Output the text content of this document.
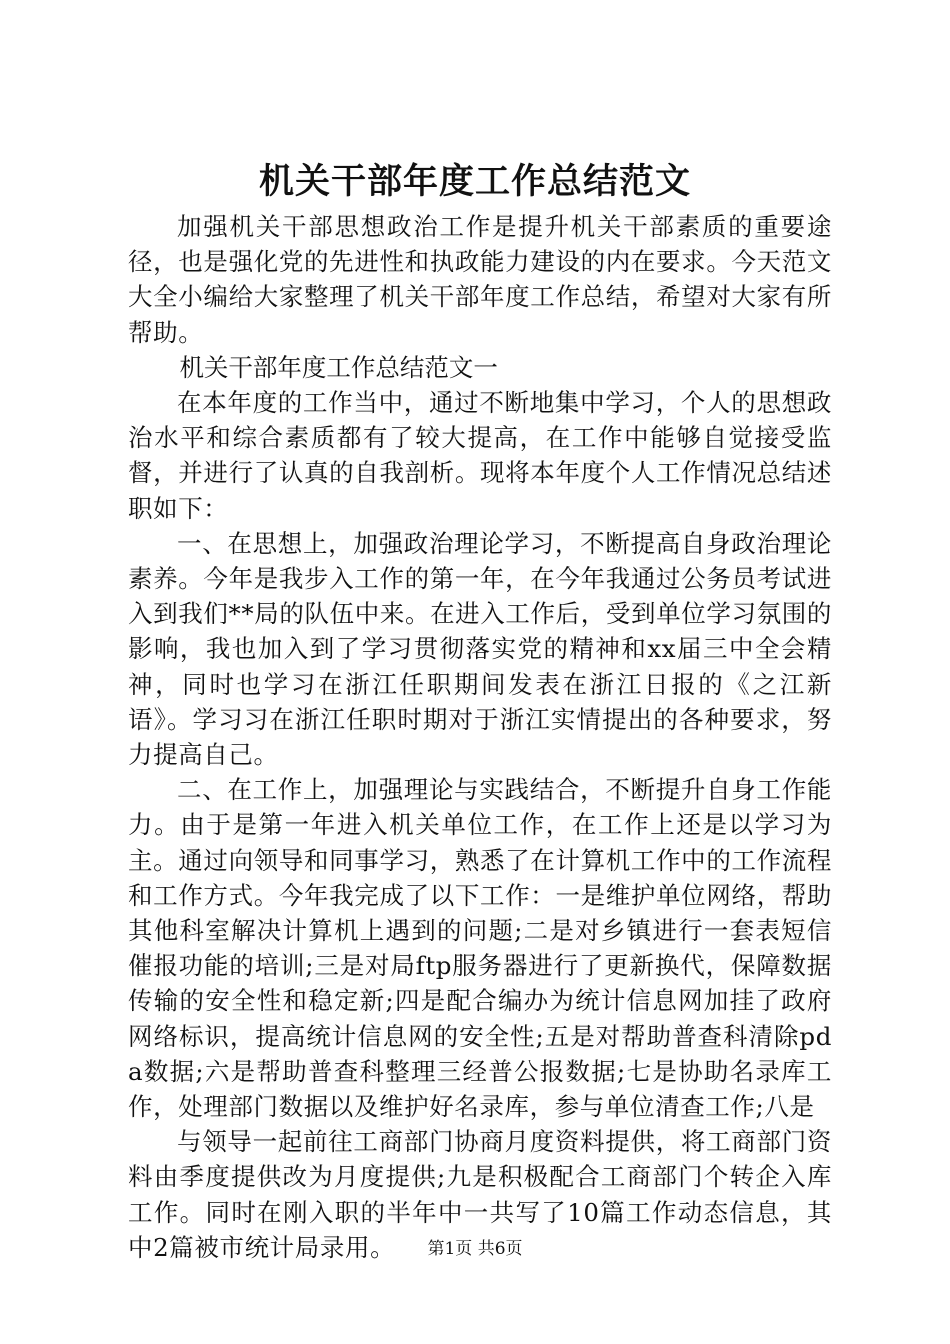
机关干部年度工作总结范文

加强机关干部思想政治工作是提升机关干部素质的重要途径，也是强化党的先进性和执政能力建设的内在要求。今天范文大全小编给大家整理了机关干部年度工作总结，希望对大家有所帮助。

机关干部年度工作总结范文一

在本年度的工作当中，通过不断地集中学习，个人的思想政治水平和综合素质都有了较大提高，在工作中能够自觉接受监督，并进行了认真的自我剖析。现将本年度个人工作情况总结述职如下：

一、在思想上，加强政治理论学习，不断提高自身政治理论素养。今年是我步入工作的第一年，在今年我通过公务员考试进入到我们**局的队伍中来。在进入工作后，受到单位学习氛围的影响，我也加入到了学习贯彻落实党的精神和xx届三中全会精神，同时也学习在浙江任职期间发表在浙江日报的《之江新语》。学习习在浙江任职时期对于浙江实情提出的各种要求，努力提高自己。

二、在工作上，加强理论与实践结合，不断提升自身工作能力。由于是第一年进入机关单位工作，在工作上还是以学习为主。通过向领导和同事学习，熟悉了在计算机工作中的工作流程和工作方式。今年我完成了以下工作：一是维护单位网络，帮助其他科室解决计算机上遇到的问题;二是对乡镇进行一套表短信催报功能的培训;三是对局ftp服务器进行了更新换代，保障数据传输的安全性和稳定新;四是配合编办为统计信息网加挂了政府网络标识，提高统计信息网的安全性;五是对帮助普查科清除pda数据;六是帮助普查科整理三经普公报数据;七是协助名录库工作，处理部门数据以及维护好名录库，参与单位清查工作;八是

与领导一起前往工商部门协商月度资料提供，将工商部门资料由季度提供改为月度提供;九是积极配合工商部门个转企入库工作。同时在刚入职的半年中一共写了10篇工作动态信息，其中2篇被市统计局录用。	第1页 共6页
